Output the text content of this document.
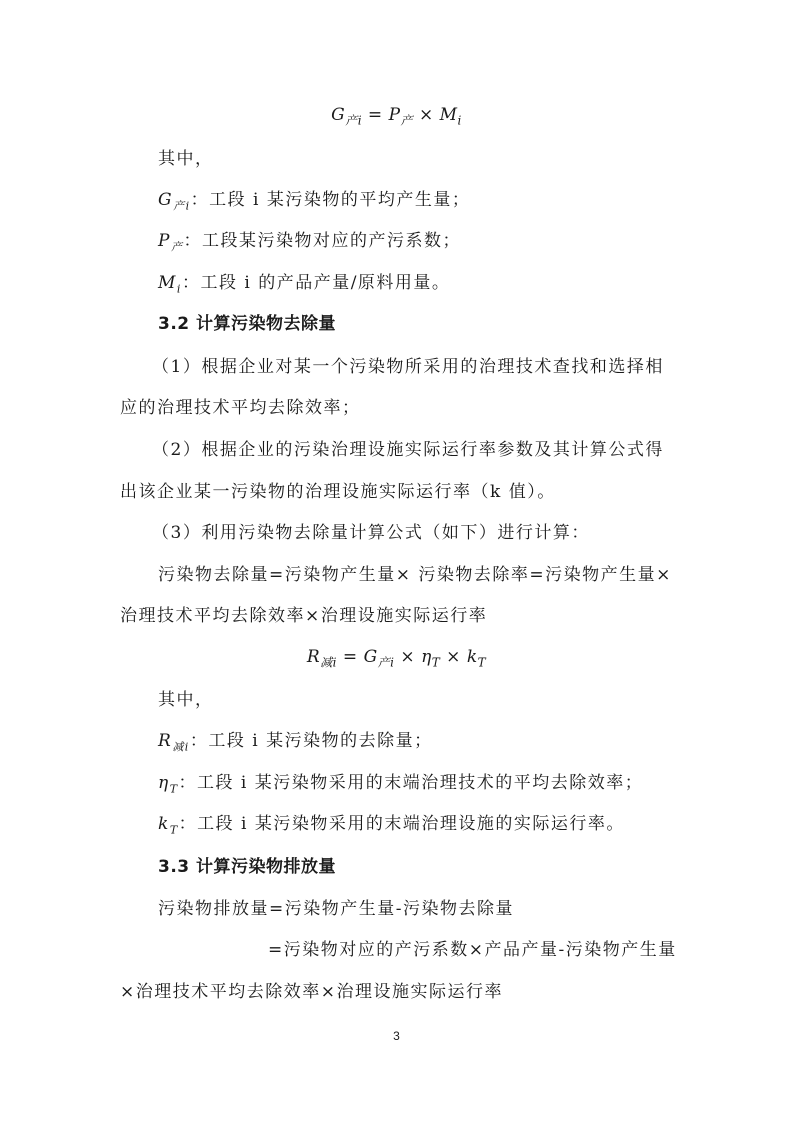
$G_{产i} = P_产 \times M_i$
其中，
$G_{产i}$：工段 i 某污染物的平均产生量；
$P_产$：工段某污染物对应的产污系数；
$M_i$：工段 i 的产品产量/原料用量。
3.2 计算污染物去除量
（1）根据企业对某一个污染物所采用的治理技术查找和选择相
应的治理技术平均去除效率；
（2）根据企业的污染治理设施实际运行率参数及其计算公式得
出该企业某一污染物的治理设施实际运行率（k 值）。
（3）利用污染物去除量计算公式（如下）进行计算：
污染物去除量=污染物产生量× 污染物去除率=污染物产生量×
治理技术平均去除效率×治理设施实际运行率
$R_{减i} = G_{产i} \times \eta_T \times k_T$
其中，
$R_{减i}$：工段 i 某污染物的去除量；
$\eta_T$：工段 i 某污染物采用的末端治理技术的平均去除效率；
$k_T$：工段 i 某污染物采用的末端治理设施的实际运行率。
3.3 计算污染物排放量
污染物排放量=污染物产生量-污染物去除量
=污染物对应的产污系数×产品产量-污染物产生量
×治理技术平均去除效率×治理设施实际运行率
3
